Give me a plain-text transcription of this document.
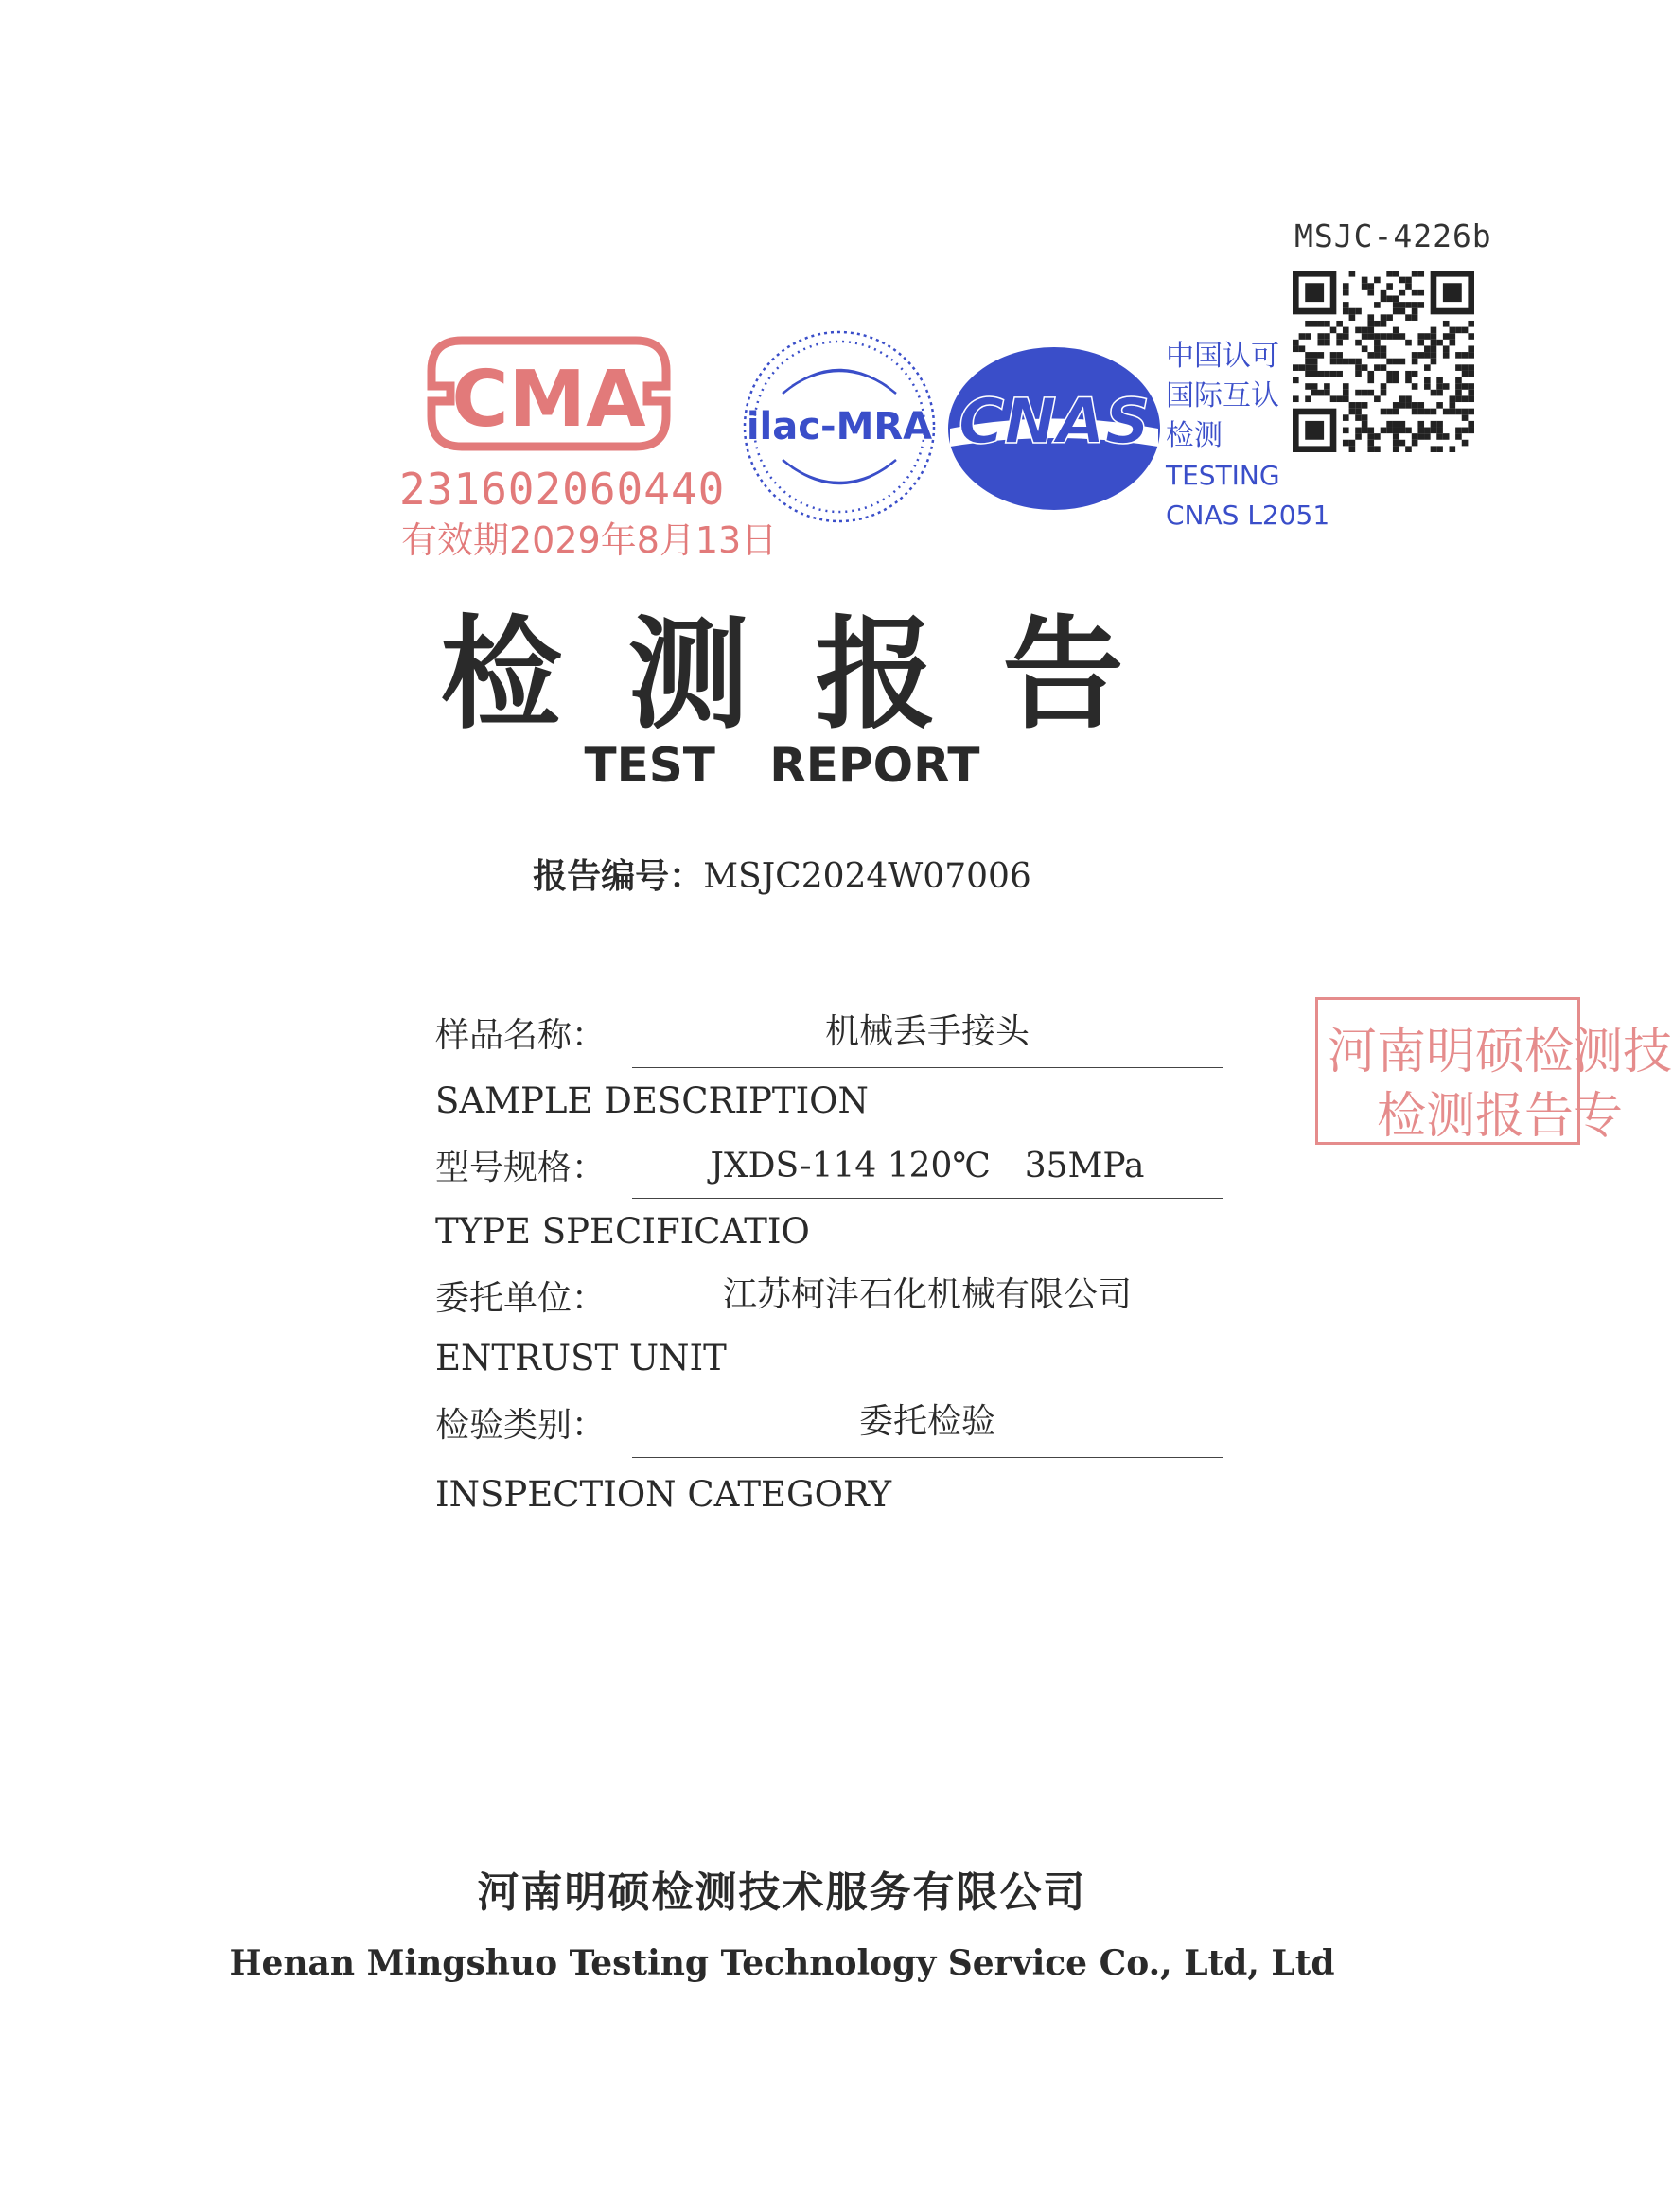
MSJC-4226b
CMA
231602060440
有效期2029年8月13日
ilac-MRA CNAS
中国认可
国际互认
检测
TESTING
CNAS L2051
检测报告
TEST REPORT
报告编号：MSJC2024W07006
样品名称：	机械丢手接头
SAMPLE DESCRIPTION
型号规格：	JXDS-114 120℃　35MPa
TYPE SPECIFICATIO
委托单位：	江苏柯沣石化机械有限公司
ENTRUST UNIT
检验类别：	委托检验
INSPECTION CATEGORY
河南明硕检测技
检测报告专
河南明硕检测技术服务有限公司
Henan Mingshuo Testing Technology Service Co., Ltd, Ltd
